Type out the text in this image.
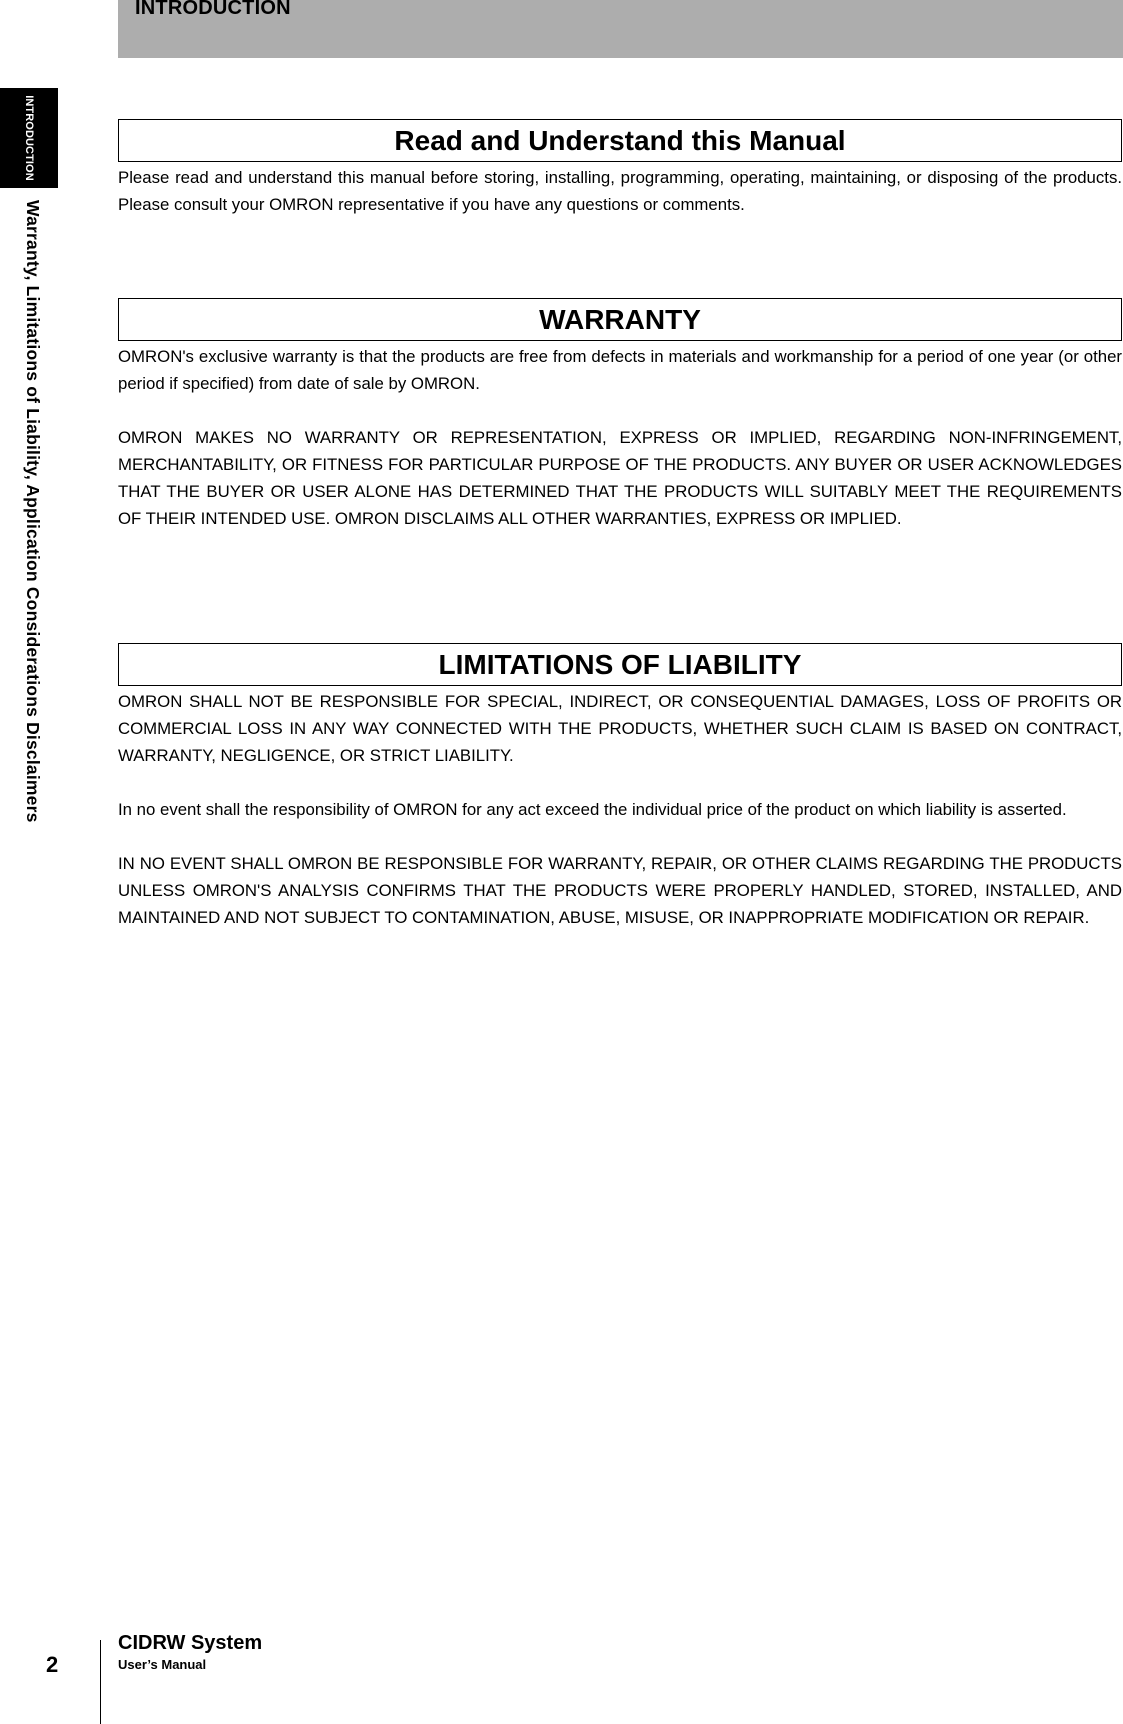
INTRODUCTION
INTRODUCTION
Warranty, Limitations of Liability, Application Considerations Disclaimers
Read and Understand this Manual

Please read and understand this manual before storing, installing, programming, operating, maintaining, or disposing of the products. Please consult your OMRON representative if you have any questions or comments.

WARRANTY

OMRON's exclusive warranty is that the products are free from defects in materials and workmanship for a period of one year (or other period if specified) from date of sale by OMRON.

OMRON MAKES NO WARRANTY OR REPRESENTATION, EXPRESS OR IMPLIED, REGARDING NON-INFRINGEMENT, MERCHANTABILITY, OR FITNESS FOR PARTICULAR PURPOSE OF THE PRODUCTS. ANY BUYER OR USER ACKNOWLEDGES THAT THE BUYER OR USER ALONE HAS DETERMINED THAT THE PRODUCTS WILL SUITABLY MEET THE REQUIREMENTS OF THEIR INTENDED USE. OMRON DISCLAIMS ALL OTHER WARRANTIES, EXPRESS OR IMPLIED.

LIMITATIONS OF LIABILITY

OMRON SHALL NOT BE RESPONSIBLE FOR SPECIAL, INDIRECT, OR CONSEQUENTIAL DAMAGES, LOSS OF PROFITS OR COMMERCIAL LOSS IN ANY WAY CONNECTED WITH THE PRODUCTS, WHETHER SUCH CLAIM IS BASED ON CONTRACT, WARRANTY, NEGLIGENCE, OR STRICT LIABILITY.

In no event shall the responsibility of OMRON for any act exceed the individual price of the product on which liability is asserted.

IN NO EVENT SHALL OMRON BE RESPONSIBLE FOR WARRANTY, REPAIR, OR OTHER CLAIMS REGARDING THE PRODUCTS UNLESS OMRON'S ANALYSIS CONFIRMS THAT THE PRODUCTS WERE PROPERLY HANDLED, STORED, INSTALLED, AND MAINTAINED AND NOT SUBJECT TO CONTAMINATION, ABUSE, MISUSE, OR INAPPROPRIATE MODIFICATION OR REPAIR.

2
CIDRW System
User’s Manual
